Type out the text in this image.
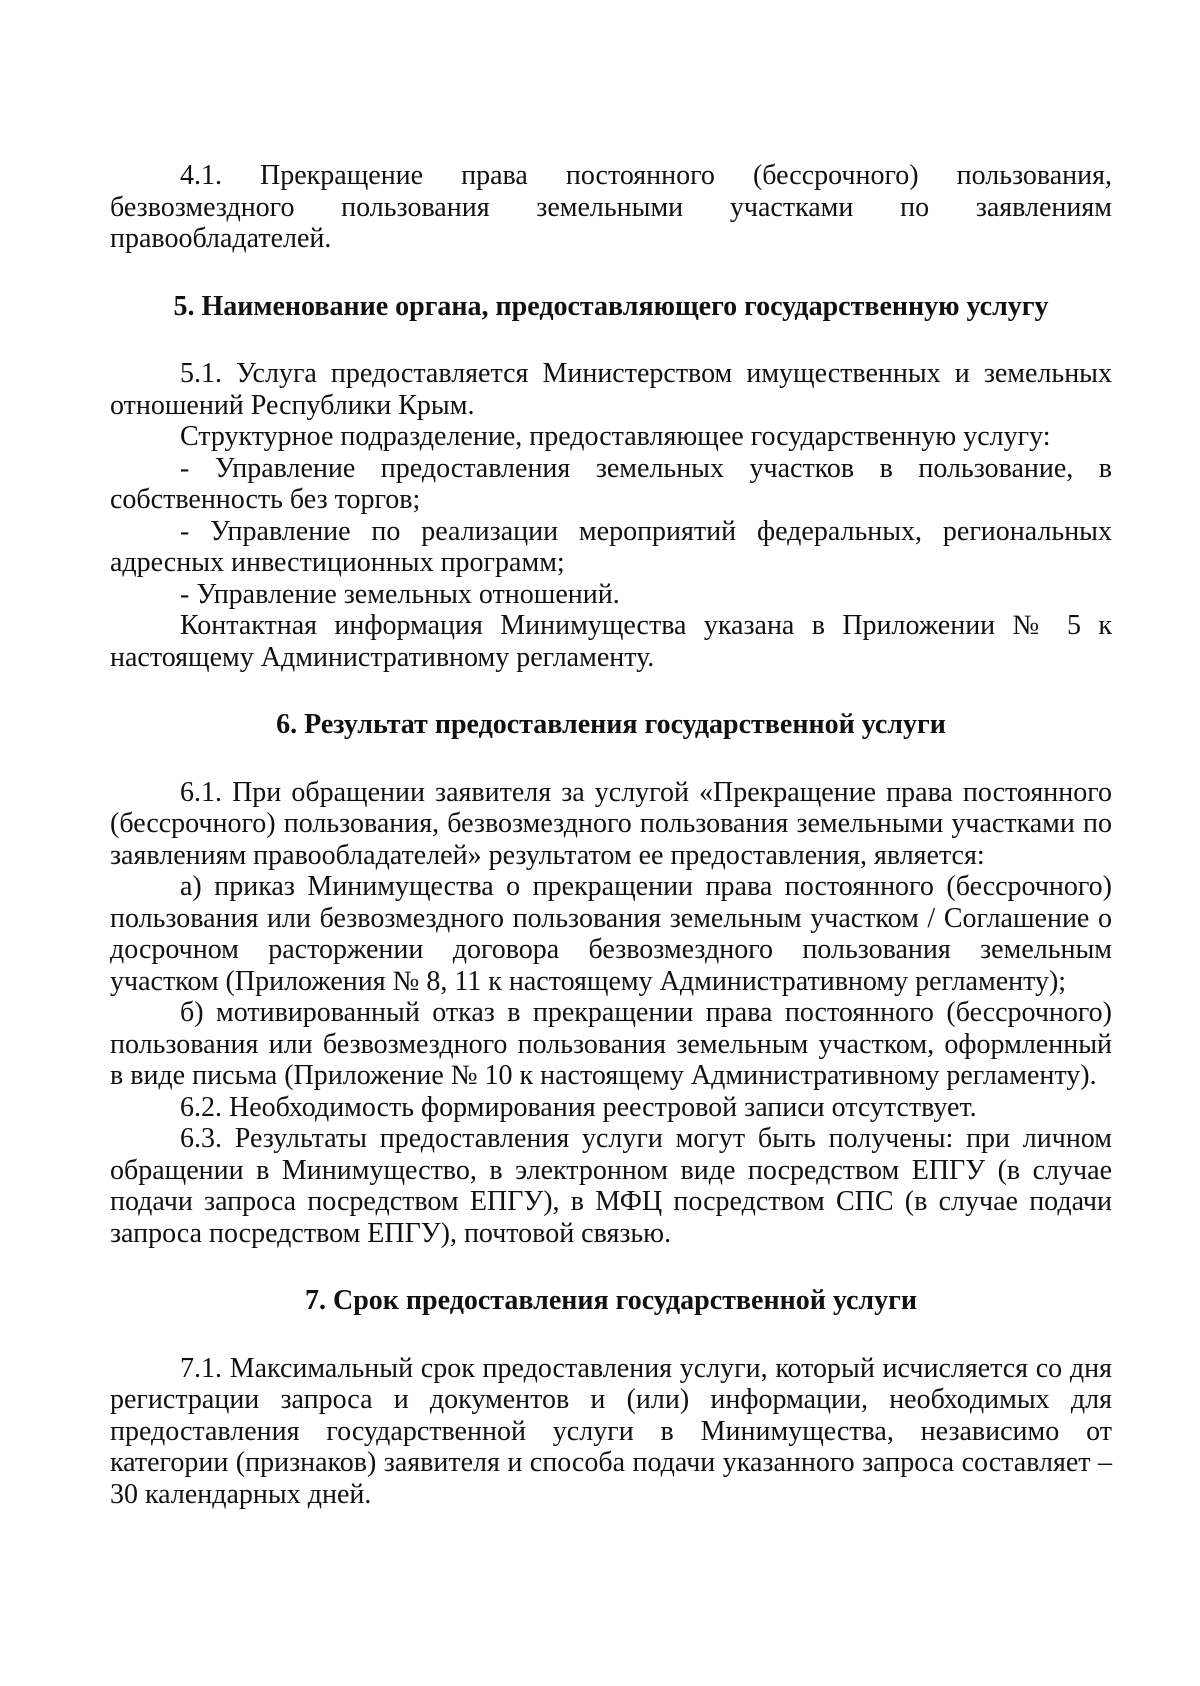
4.1. Прекращение права постоянного (бессрочного) пользования, безвозмездного пользования земельными участками по заявлениям правообладателей.

5. Наименование органа, предоставляющего государственную услугу

5.1. Услуга предоставляется Министерством имущественных и земельных отношений Республики Крым.

Структурное подразделение, предоставляющее государственную услугу:

- Управление предоставления земельных участков в пользование, в собственность без торгов;

- Управление по реализации мероприятий федеральных, региональных адресных инвестиционных программ;

- Управление земельных отношений.

Контактная информация Минимущества указана в Приложении № 5 к настоящему Административному регламенту.

6. Результат предоставления государственной услуги

6.1. При обращении заявителя за услугой «Прекращение права постоянного (бессрочного) пользования, безвозмездного пользования земельными участками по заявлениям правообладателей» результатом ее предоставления, является:

а) приказ Минимущества о прекращении права постоянного (бессрочного) пользования или безвозмездного пользования земельным участком / Соглашение о досрочном расторжении договора безвозмездного пользования земельным участком (Приложения № 8, 11 к настоящему Административному регламенту);

б) мотивированный отказ в прекращении права постоянного (бессрочного) пользования или безвозмездного пользования земельным участком, оформленный в виде письма (Приложение № 10 к настоящему Административному регламенту).

6.2. Необходимость формирования реестровой записи отсутствует.

6.3. Результаты предоставления услуги могут быть получены: при личном обращении в Минимущество, в электронном виде посредством ЕПГУ (в случае подачи запроса посредством ЕПГУ), в МФЦ посредством СПС (в случае подачи запроса посредством ЕПГУ), почтовой связью.

7. Срок предоставления государственной услуги

7.1. Максимальный срок предоставления услуги, который исчисляется со дня регистрации запроса и документов и (или) информации, необходимых для предоставления государственной услуги в Минимущества, независимо от категории (признаков) заявителя и способа подачи указанного запроса составляет – 30 календарных дней.
